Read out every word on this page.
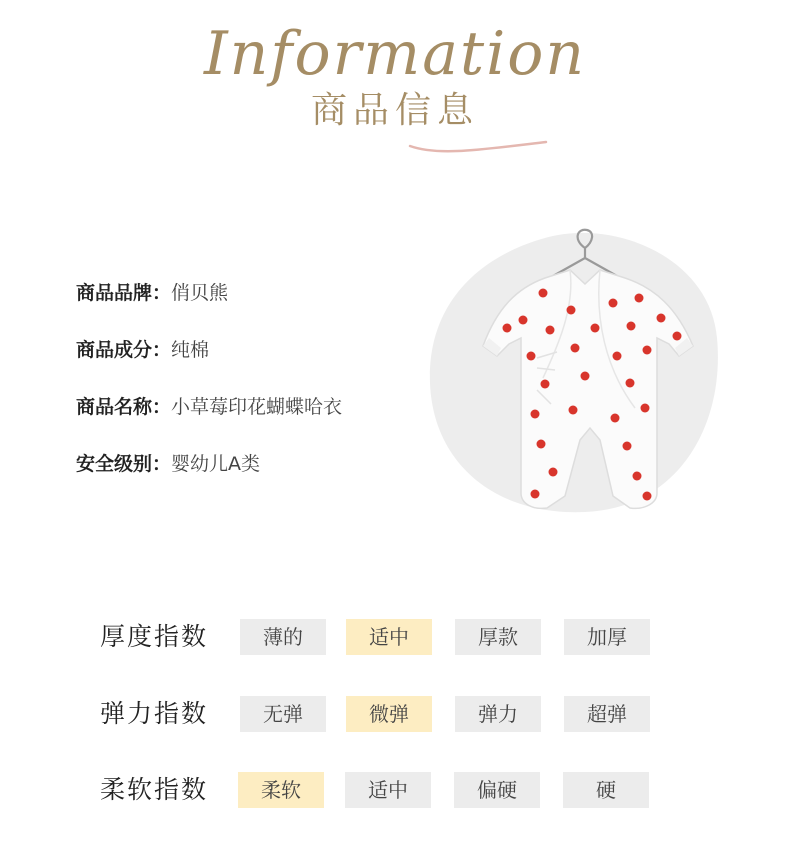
Information
商品信息
商品品牌： 俏贝熊
商品成分： 纯棉
商品名称： 小草莓印花蝴蝶哈衣
安全级别： 婴幼儿A类
厚度指数	薄的	适中	厚款	加厚
弹力指数	无弹	微弹	弹力	超弹
柔软指数	柔软	适中	偏硬	硬
